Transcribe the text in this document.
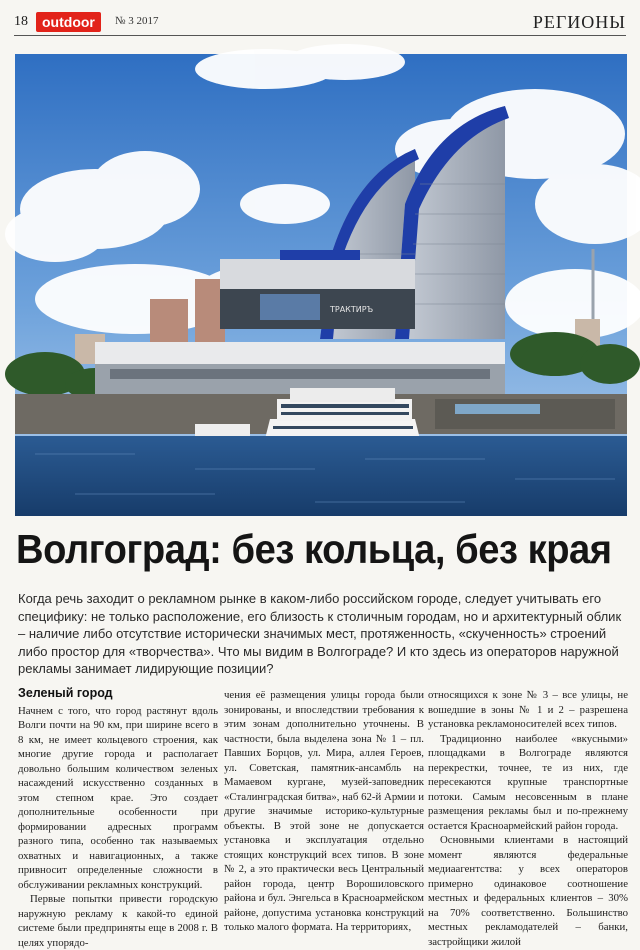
18	outdoor	№ 3 2017	РЕГИОНЫ
ТРАКТИРЪ
Волгоград: без кольца, без края

Когда речь заходит о рекламном рынке в каком-либо российском городе, следует учитывать его специфику: не только расположение, его близость к столичным городам, но и архитектурный облик – наличие либо отсутствие исторически значимых мест, протяженность, «скученность» строений либо простор для «творчества». Что мы видим в Волгограде? И кто здесь из операторов наружной рекламы занимает лидирующие позиции?

Зеленый город

Начнем с того, что город растянут вдоль Волги почти на 90 км, при ширине всего в 8 км, не имеет кольцевого строения, как многие другие города и располагает довольно большим количеством зеленых насаждений искусственно созданных в этом степном крае. Это создает дополнительные особенности при формировании адресных программ разного типа, особенно так называемых охватных и навигационных, а также привносит определенные сложности в обслуживании рекламных конструкций.

Первые попытки привести городскую наружную рекламу к какой-то единой системе были предприняты еще в 2008 г. В целях упорядо-

чения её размещения улицы города были зонированы, и впоследствии требования к этим зонам дополнительно уточнены. В частности, была выделена зона № 1 – пл. Павших Борцов, ул. Мира, аллея Героев, ул. Советская, памятник-ансамбль на Мамаевом кургане, музей-заповедник «Сталинградская битва», наб 62-й Армии и другие значимые историко-культурные объекты. В этой зоне не допускается установка и эксплуатация отдельно стоящих конструкций всех типов. В зоне № 2, а это практически весь Центральный район города, центр Ворошиловского района и бул. Энгельса в Красноармейском районе, допустима установка конструкций только малого формата. На территориях,

относящихся к зоне № 3 – все улицы, не вошедшие в зоны № 1 и 2 – разрешена установка рекламоносителей всех типов.

Традиционно наиболее «вкусными» площадками в Волгограде являются перекрестки, точнее, те из них, где пересекаются крупные транспортные потоки. Самым несовсенным в плане размещения рекламы был и по-прежнему остается Красноармейский район города.

Основными клиентами в настоящий момент являются федеральные медиаагентства: у всех операторов примерно одинаковое соотношение местных и федеральных клиентов – 30% на 70% соответственно. Большинство местных рекламодателей – банки, застройщики жилой
